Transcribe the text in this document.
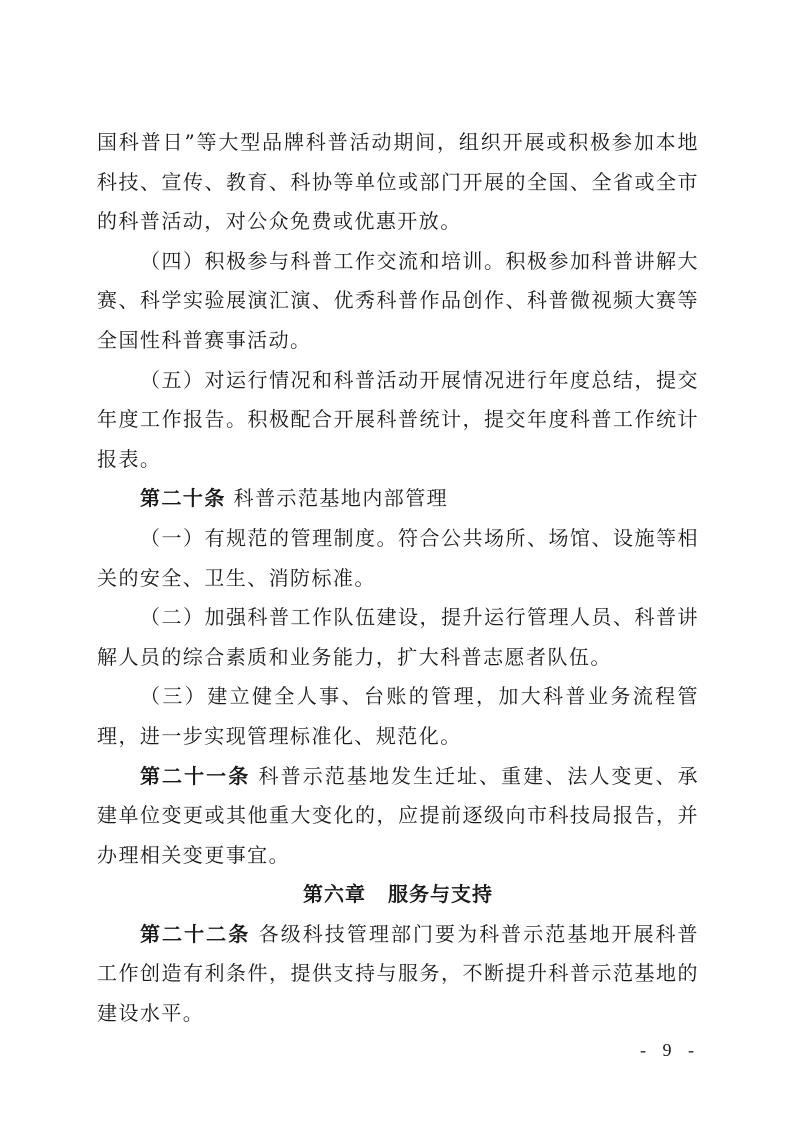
国科普日”等大型品牌科普活动期间，组织开展或积极参加本地科技、宣传、教育、科协等单位或部门开展的全国、全省或全市的科普活动，对公众免费或优惠开放。

（四）积极参与科普工作交流和培训。积极参加科普讲解大赛、科学实验展演汇演、优秀科普作品创作、科普微视频大赛等全国性科普赛事活动。

（五）对运行情况和科普活动开展情况进行年度总结，提交年度工作报告。积极配合开展科普统计，提交年度科普工作统计报表。

第二十条 科普示范基地内部管理

（一）有规范的管理制度。符合公共场所、场馆、设施等相关的安全、卫生、消防标准。

（二）加强科普工作队伍建设，提升运行管理人员、科普讲解人员的综合素质和业务能力，扩大科普志愿者队伍。

（三）建立健全人事、台账的管理，加大科普业务流程管理，进一步实现管理标准化、规范化。

第二十一条 科普示范基地发生迁址、重建、法人变更、承建单位变更或其他重大变化的，应提前逐级向市科技局报告，并办理相关变更事宜。

第六章 服务与支持

第二十二条 各级科技管理部门要为科普示范基地开展科普工作创造有利条件，提供支持与服务，不断提升科普示范基地的建设水平。

- 9 -
